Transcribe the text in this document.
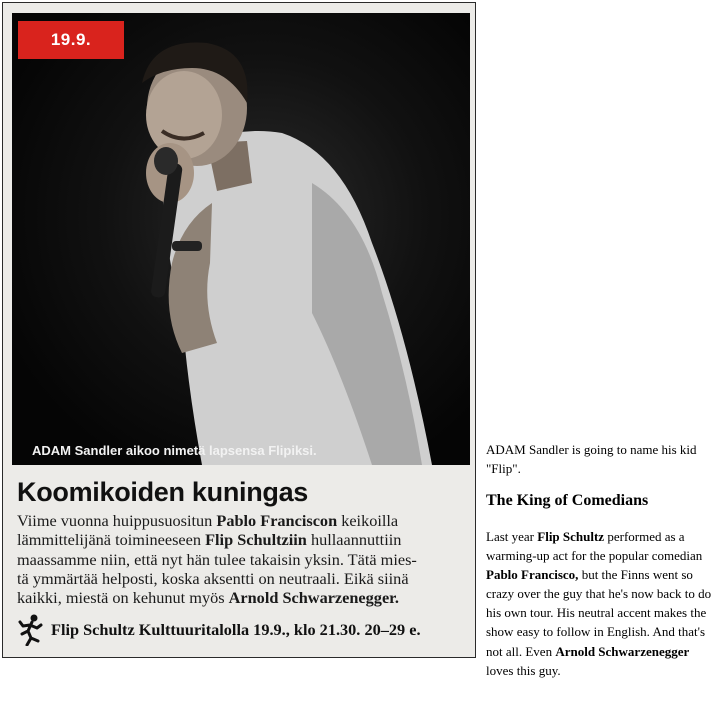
19.9.
ADAM Sandler aikoo nimetä lapsensa Flipiksi.
Koomikoiden kuningas

Viime vuonna huippusuositun Pablo Franciscon keikoilla

lämmittelijänä toimineeseen Flip Schultziin hullaannuttiin

maassamme niin, että nyt hän tulee takaisin yksin. Tätä mies-

tä ymmärtää helposti, koska aksentti on neutraali. Eikä siinä

kaikki, miestä on kehunut myös Arnold Schwarzenegger.

Flip Schultz Kulttuuritalolla 19.9., klo 21.30. 20–29 e.
ADAM Sandler is going to name his kid "Flip".
The King of Comedians

Last year Flip Schultz performed as a

warming-up act for the popular comedian

Pablo Francisco, but the Finns went so

crazy over the guy that he's now back to do

his own tour. His neutral accent makes the

show easy to follow in English. And that's

not all. Even Arnold Schwarzenegger

loves this guy.
